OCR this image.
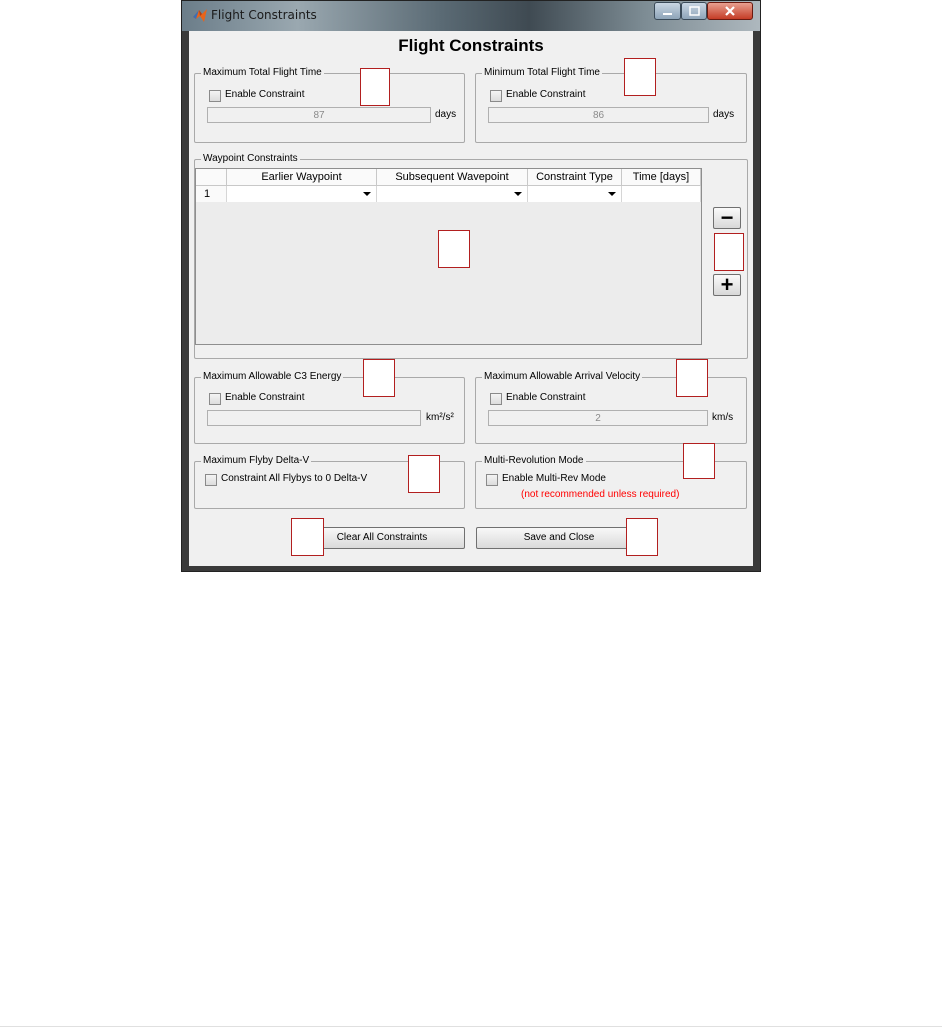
Flight Constraints
Flight Constraints
Maximum Total Flight Time
Enable Constraint
87	days
Minimum Total Flight Time
Enable Constraint
86	days
Waypoint Constraints
Earlier Waypoint	Subsequent Wavepoint	Constraint Type	Time [days]
1
−
+
Maximum Allowable C3 Energy
Enable Constraint
km²/s²
Maximum Allowable Arrival Velocity
Enable Constraint
2	km/s
Maximum Flyby Delta-V
Constraint All Flybys to 0 Delta-V
Multi-Revolution Mode
Enable Multi-Rev Mode
(not recommended unless required)
Clear All Constraints	Save and Close
